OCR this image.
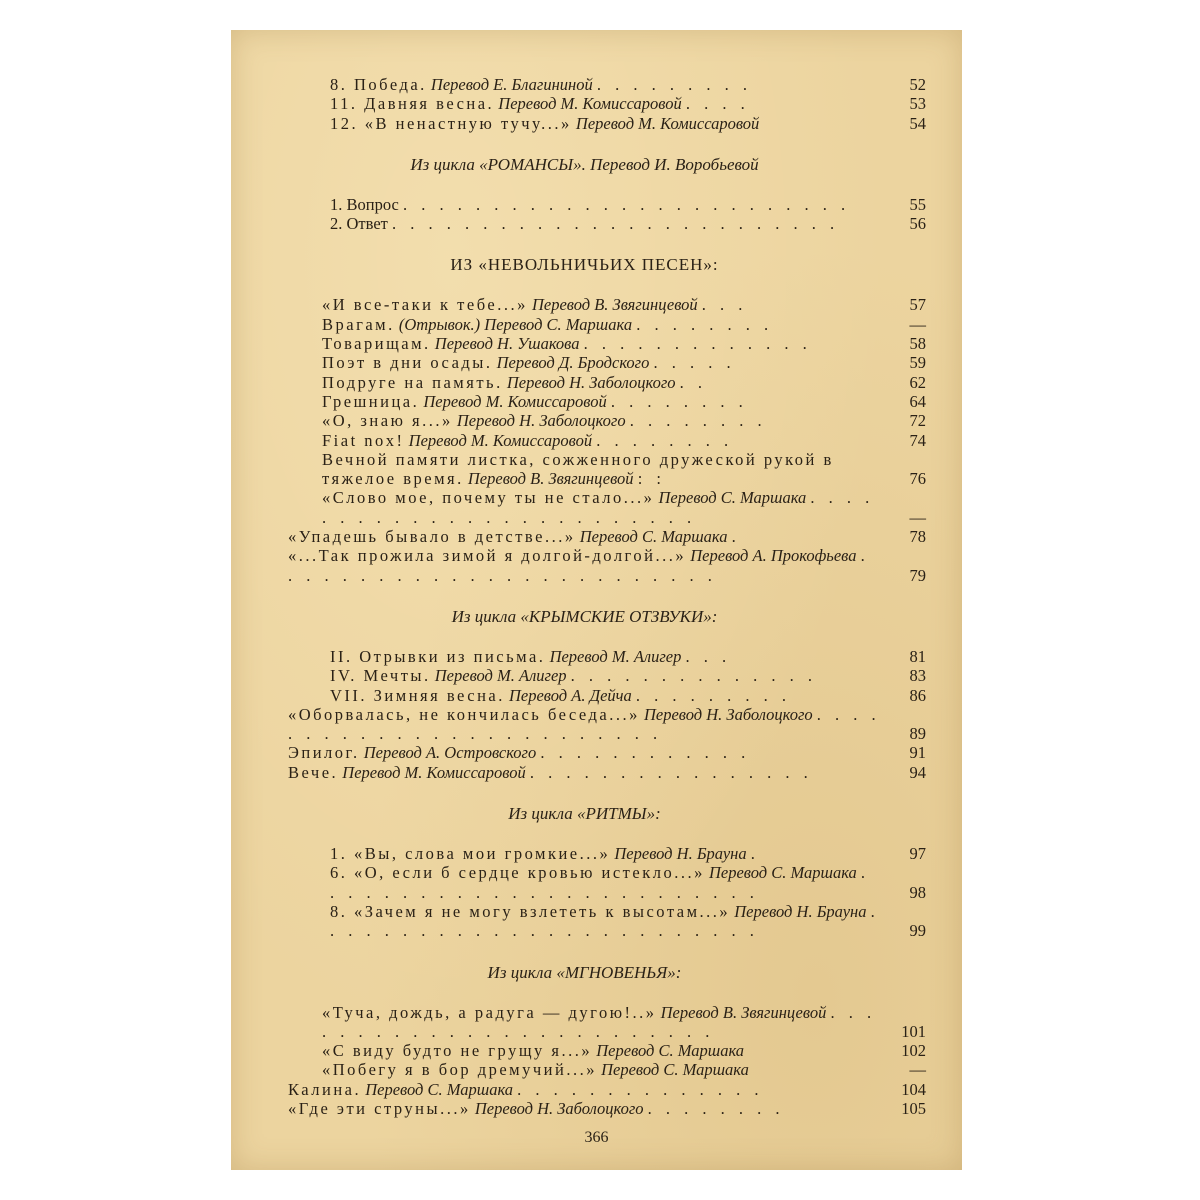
8. Победа. Перевод Е. Благининой . . . . . . . . .	52
11. Давняя весна. Перевод М. Комиссаровой . . . .	53
12. «В ненастную тучу...» Перевод М. Комиссаровой	54
Из цикла «РОМАНСЫ». Перевод И. Воробьевой
1. Вопрос . . . . . . . . . . . . . . . . . . . . . . . . .	55
2. Ответ . . . . . . . . . . . . . . . . . . . . . . . . .	56
ИЗ «НЕВОЛЬНИЧЬИХ ПЕСЕН»:
«И все-таки к тебе...» Перевод В. Звягинцевой . . .	57
Врагам. (Отрывок.) Перевод С. Маршака . . . . . . . .	—
Товарищам. Перевод Н. Ушакова . . . . . . . . . . . . .	58
Поэт в дни осады. Перевод Д. Бродского . . . . .	59
Подруге на память. Перевод Н. Заболоцкого . .	62
Грешница. Перевод М. Комиссаровой . . . . . . . .	64
«О, знаю я...» Перевод Н. Заболоцкого . . . . . . . .	72
Fiat nox! Перевод М. Комиссаровой . . . . . . . .	74
Вечной памяти листка, сожженного дружеской рукой в тяжелое время. Перевод В. Звягинцевой : :	76
«Слово мое, почему ты не стало...» Перевод С. Маршака . . . . . . . . . . . . . . . . . . . . . . . . .	—
«Упадешь бывало в детстве...» Перевод С. Маршака .	78
«...Так прожила зимой я долгой-долгой...» Перевод А. Прокофьева . . . . . . . . . . . . . . . . . . . . . . . . .	79
Из цикла «КРЫМСКИЕ ОТЗВУКИ»:
II. Отрывки из письма. Перевод М. Алигер . . .	81
IV. Мечты. Перевод М. Алигер . . . . . . . . . . . . . .	83
VII. Зимняя весна. Перевод А. Дейча . . . . . . . . .	86
«Оборвалась, не кончилась беседа...» Перевод Н. Заболоцкого . . . . . . . . . . . . . . . . . . . . . . . . .	89
Эпилог. Перевод А. Островского . . . . . . . . . . . .	91
Вече. Перевод М. Комиссаровой . . . . . . . . . . . . . . . .	94
Из цикла «РИТМЫ»:
1. «Вы, слова мои громкие...» Перевод Н. Брауна .	97
6. «О, если б сердце кровью истекло...» Перевод С. Маршака . . . . . . . . . . . . . . . . . . . . . . . . .	98
8. «Зачем я не могу взлететь к высотам...» Перевод Н. Брауна . . . . . . . . . . . . . . . . . . . . . . . . .	99
Из цикла «МГНОВЕНЬЯ»:
«Туча, дождь, а радуга — дугою!..» Перевод В. Звягинцевой . . . . . . . . . . . . . . . . . . . . . . . . .	101
«С виду будто не грущу я...» Перевод С. Маршака	102
«Побегу я в бор дремучий...» Перевод С. Маршака	—
Калина. Перевод С. Маршака . . . . . . . . . . . . . .	104
«Где эти струны...» Перевод Н. Заболоцкого . . . . . . . .	105
366
